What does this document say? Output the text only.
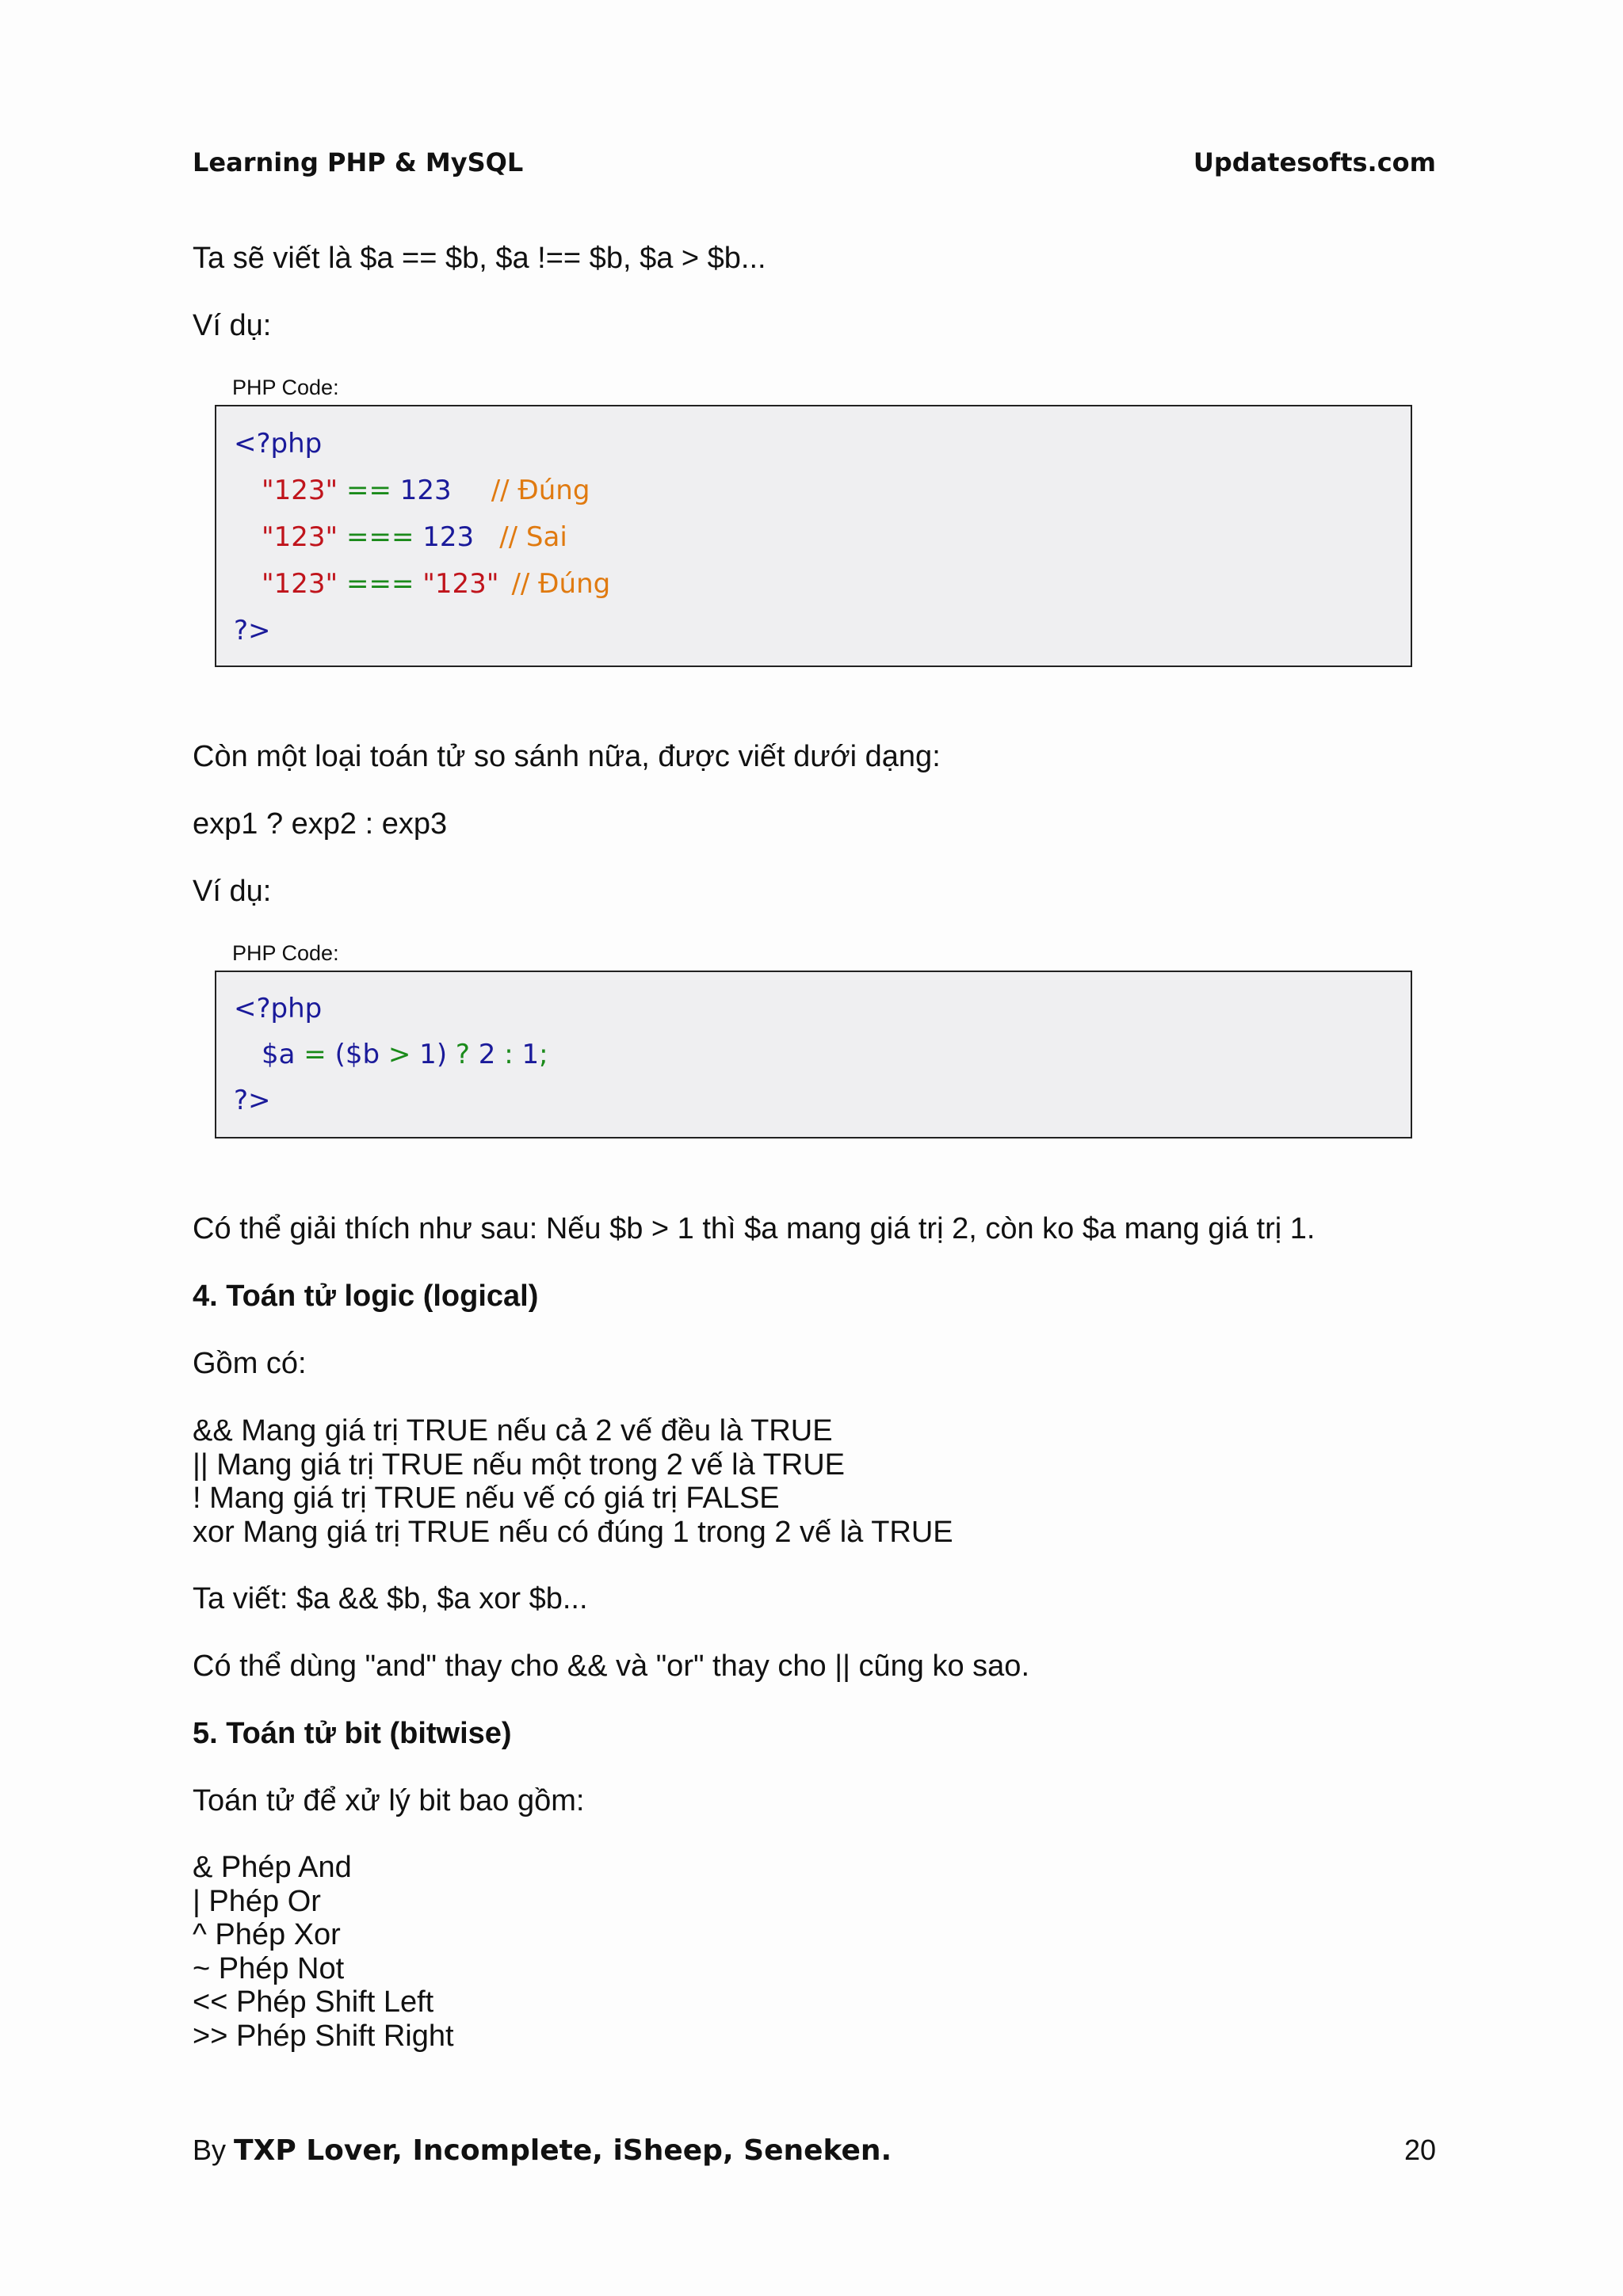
Learning PHP & MySQL	Updatesofts.com
Ta sẽ viết là $a == $b, $a !== $b, $a > $b...
Ví dụ:
PHP Code:
<?php
"123" == 123 // Đúng
"123" === 123 // Sai
"123" === "123" // Đúng
?>
Còn một loại toán tử so sánh nữa, được viết dưới dạng:
exp1 ? exp2 : exp3
Ví dụ:
PHP Code:
<?php
$a = ($b > 1) ? 2 : 1;
?>
Có thể giải thích như sau: Nếu $b > 1 thì $a mang giá trị 2, còn ko $a mang giá trị 1.
4. Toán tử logic (logical)
Gồm có:
&& Mang giá trị TRUE nếu cả 2 vế đều là TRUE
|| Mang giá trị TRUE nếu một trong 2 vế là TRUE
! Mang giá trị TRUE nếu vế có giá trị FALSE
xor Mang giá trị TRUE nếu có đúng 1 trong 2 vế là TRUE
Ta viết: $a && $b, $a xor $b...
Có thể dùng "and" thay cho && và "or" thay cho || cũng ko sao.
5. Toán tử bit (bitwise)
Toán tử để xử lý bit bao gồm:
& Phép And
| Phép Or
^ Phép Xor
~ Phép Not
<< Phép Shift Left
>> Phép Shift Right
By TXP Lover, Incomplete, iSheep, Seneken.	20
